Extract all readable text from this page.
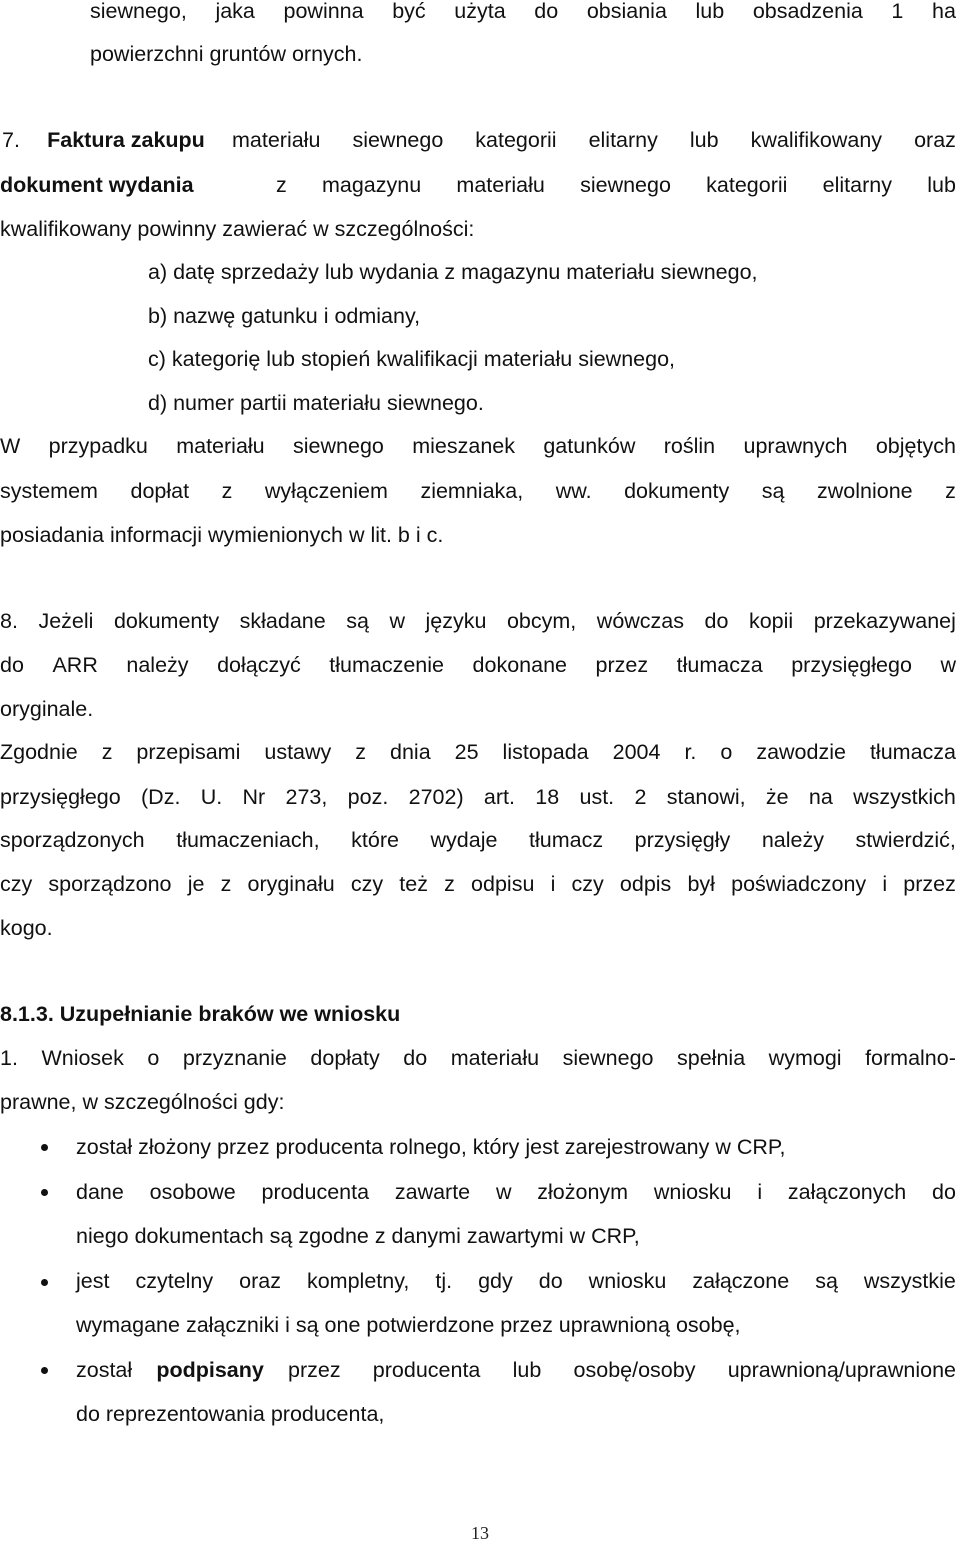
siewnego, jaka powinna być użyta do obsiania lub obsadzenia 1 ha
powierzchni gruntów ornych.
7. Faktura zakupu materiału siewnego kategorii elitarny lub kwalifikowany oraz
dokument wydania	z magazynu materiału siewnego kategorii elitarny lub
kwalifikowany powinny zawierać w szczególności:
a) datę sprzedaży lub wydania z magazynu materiału siewnego,
b) nazwę gatunku i odmiany,
c) kategorię lub stopień kwalifikacji materiału siewnego,
d) numer partii materiału siewnego.
W przypadku materiału siewnego mieszanek gatunków roślin uprawnych objętych
systemem dopłat z wyłączeniem ziemniaka, ww. dokumenty są zwolnione z
posiadania informacji wymienionych w lit. b i c.
8. Jeżeli dokumenty składane są w języku obcym, wówczas do kopii przekazywanej
do ARR należy dołączyć tłumaczenie dokonane przez tłumacza przysięgłego w
oryginale.
Zgodnie z przepisami ustawy z dnia 25 listopada 2004 r. o zawodzie tłumacza
przysięgłego (Dz. U. Nr 273, poz. 2702) art. 18 ust. 2 stanowi, że na wszystkich
sporządzonych tłumaczeniach, które wydaje tłumacz przysięgły należy stwierdzić,
czy sporządzono je z oryginału czy też z odpisu i czy odpis był poświadczony i przez
kogo.
8.1.3. Uzupełnianie braków we wniosku
1. Wniosek o przyznanie dopłaty do materiału siewnego spełnia wymogi formalno-
prawne, w szczególności gdy:
został złożony przez producenta rolnego, który jest zarejestrowany w CRP,
dane osobowe producenta zawarte w złożonym wniosku i załączonych do
niego dokumentach są zgodne z danymi zawartymi w CRP,
jest czytelny oraz kompletny, tj. gdy do wniosku załączone są wszystkie
wymagane załączniki i są one potwierdzone przez uprawnioną osobę,
został podpisany przez producenta lub osobę/osoby uprawnioną/uprawnione
do reprezentowania producenta,
13
